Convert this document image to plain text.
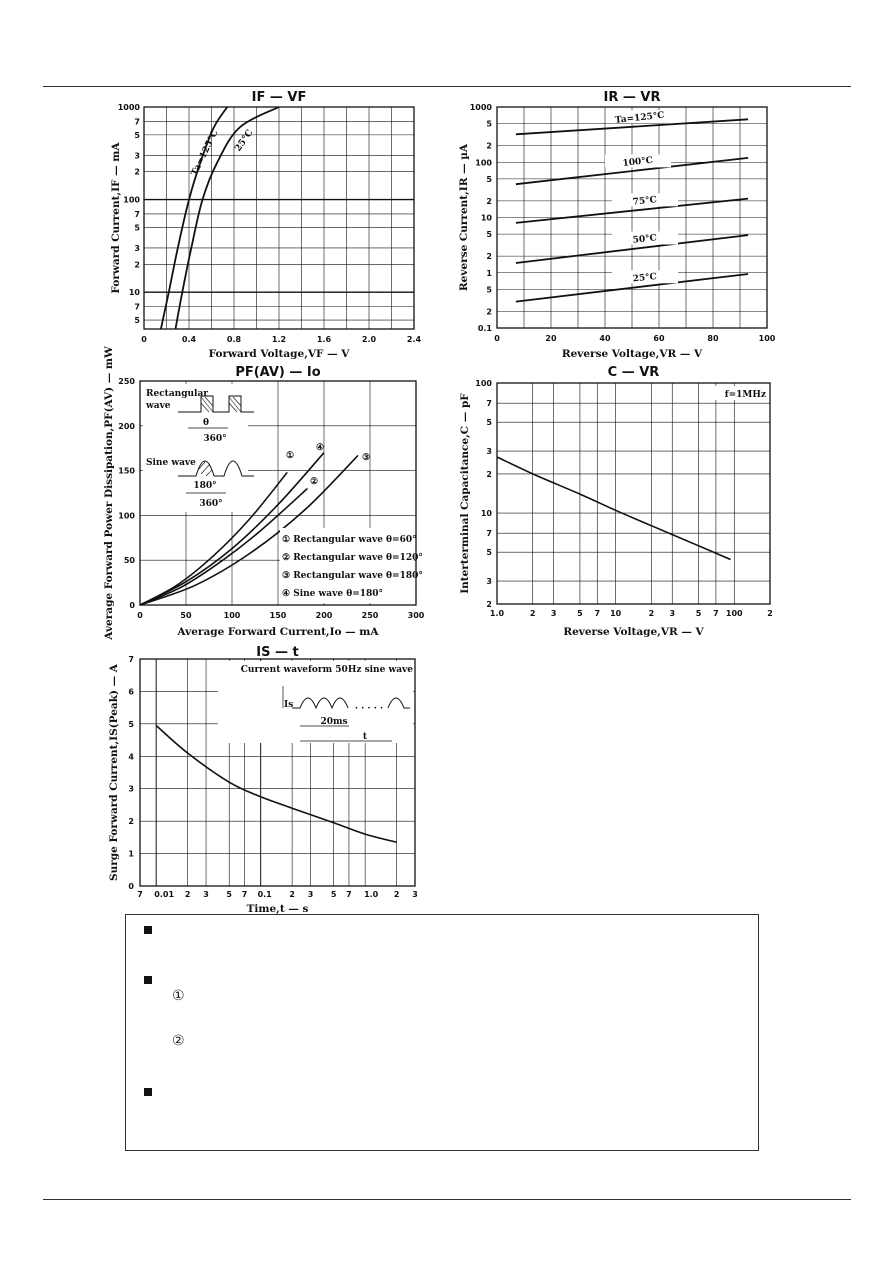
0	0.4	0.8	1.2	1.6	2.0	2.4
1000
7
5
3
2
100
7
5
3
2
10
7
5
IF — VF
Forward Voltage,VF — V
Forward Current,IF — mA	Ta=125°C 25°C
0	20	40	60	80	100
1000
5
2
100
5
2
10
5
2
1
5
2
0.1
IR — VR
Reverse Voltage,VR — V
Reverse Current,IR — µA
Ta=125°C
100°C
75°C
50°C
25°C
0	50	100	150	200	250	300
250
200
150
100
50
0
PF(AV) — Io
Average Forward Current,Io — mA
Average Forward Power Dissipation,PF(AV) — mW	Rectangular
wave
θ
360°
Sine wave
180°
360°
①
④
②
③
① Rectangular wave θ=60°
② Rectangular wave θ=120°
③ Rectangular wave θ=180°
④ Sine wave θ=180°
1.0	2 3	5 7 10	2 3	5 7 100	2
100
7
5
3
2
10
7
5
3
2
C — VR
Reverse Voltage,VR — V
Interterminal Capacitance,C — pF	f=1MHz
7 0.01 2 3 5 7 0.1 2 3 5 7 1.0 2 3
7
6
5
4
3
2
1
0
IS — t
Time,t — s
Surge Forward Current,IS(Peak) — A	Current waveform 50Hz sine wave
· · · · ·
Is
20ms
t
①
②
